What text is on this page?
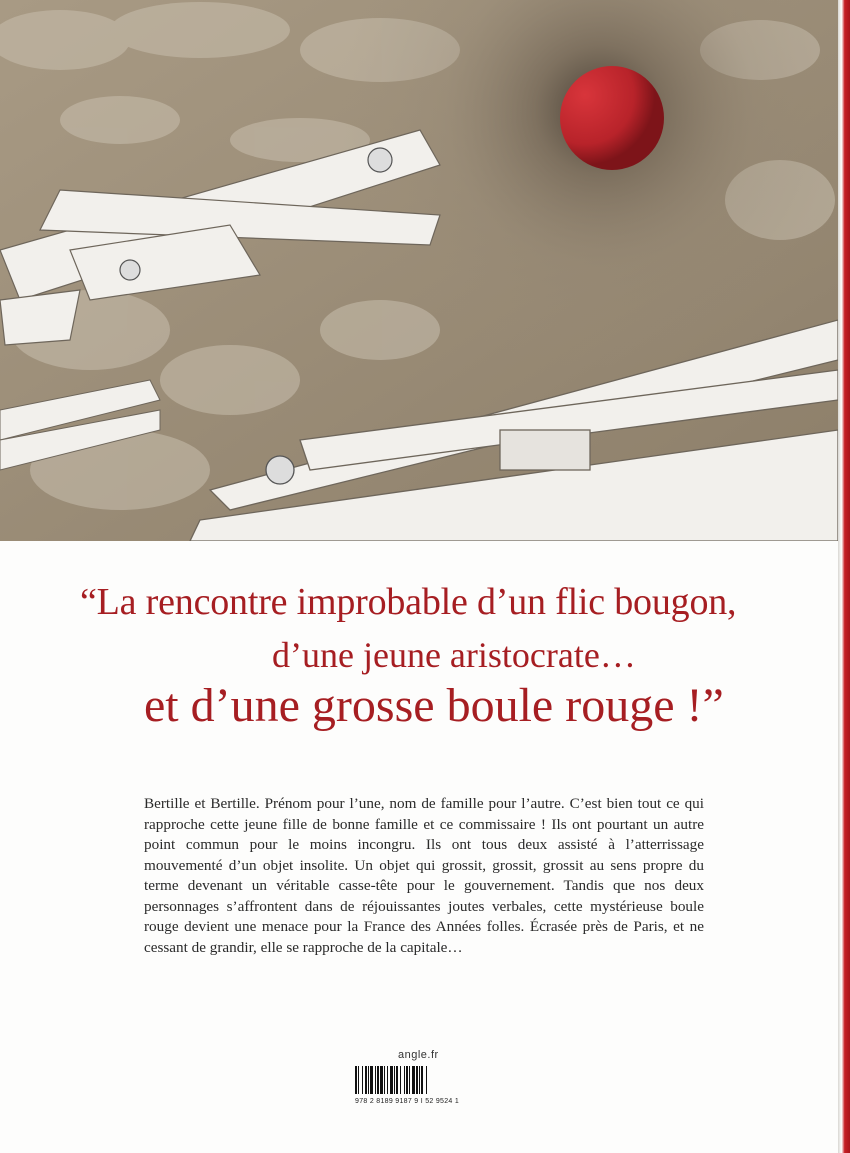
“La rencontre improbable d’un flic bougon,
d’une jeune aristocrate…
et d’une grosse boule rouge !”

Bertille et Bertille. Prénom pour l’une, nom de famille pour l’autre. C’est bien tout ce qui rapproche cette jeune fille de bonne famille et ce commissaire ! Ils ont pourtant un autre point commun pour le moins incongru. Ils ont tous deux assisté à l’atterrissage mouvementé d’un objet insolite. Un objet qui grossit, grossit, grossit au sens propre du terme devenant un véritable casse-tête pour le gouvernement. Tandis que nos deux personnages s’affrontent dans de réjouissantes joutes verbales, cette mystérieuse boule rouge devient une menace pour la France des Années folles. Écrasée près de Paris, et ne cessant de grandir, elle se rapproche de la capitale…

angle.fr
978 2 8189 9187 9 I 52 9524 1
